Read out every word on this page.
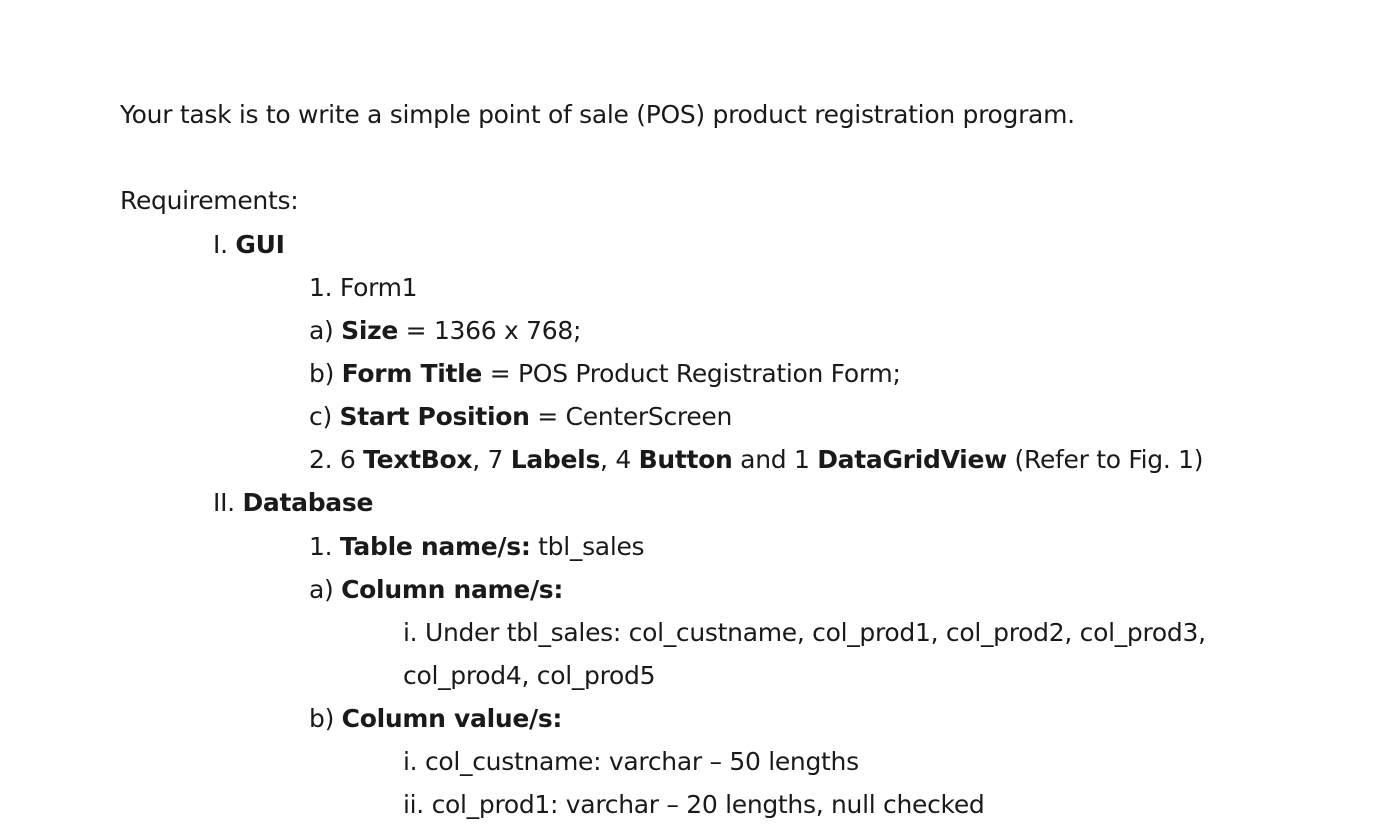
Your task is to write a simple point of sale (POS) product registration program.
Requirements:
I. GUI
1. Form1
a) Size = 1366 x 768;
b) Form Title = POS Product Registration Form;
c) Start Position = CenterScreen
2. 6 TextBox, 7 Labels, 4 Button and 1 DataGridView (Refer to Fig. 1)
II. Database
1. Table name/s: tbl_sales
a) Column name/s:
i. Under tbl_sales: col_custname, col_prod1, col_prod2, col_prod3,
col_prod4, col_prod5
b) Column value/s:
i. col_custname: varchar – 50 lengths
ii. col_prod1: varchar – 20 lengths, null checked
